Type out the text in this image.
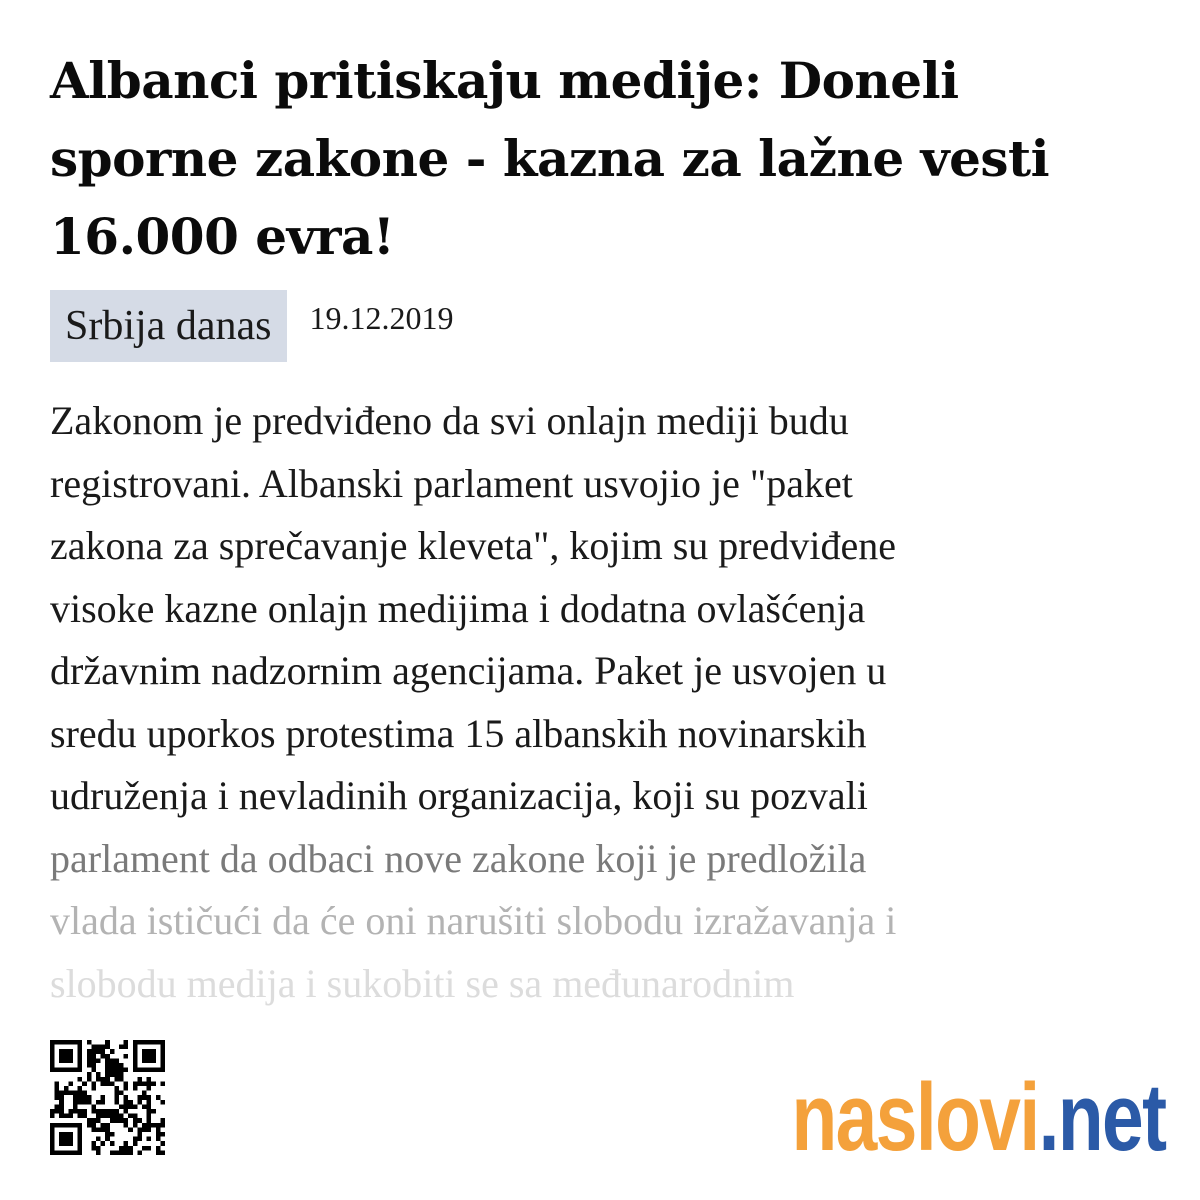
Albanci pritiskaju medije: Doneli sporne zakone - kazna za lažne vesti 16.000 evra!
Srbija danas	19.12.2019
Zakonom je predviđeno da svi onlajn mediji budu
registrovani. Albanski parlament usvojio je "paket
zakona za sprečavanje kleveta", kojim su predviđene
visoke kazne onlajn medijima i dodatna ovlašćenja
državnim nadzornim agencijama. Paket je usvojen u
sredu uporkos protestima 15 albanskih novinarskih
udruženja i nevladinih organizacija, koji su pozvali
parlament da odbaci nove zakone koji je predložila
vlada ističući da će oni narušiti slobodu izražavanja i
slobodu medija i sukobiti se sa međunarodnim
naslovi.net
